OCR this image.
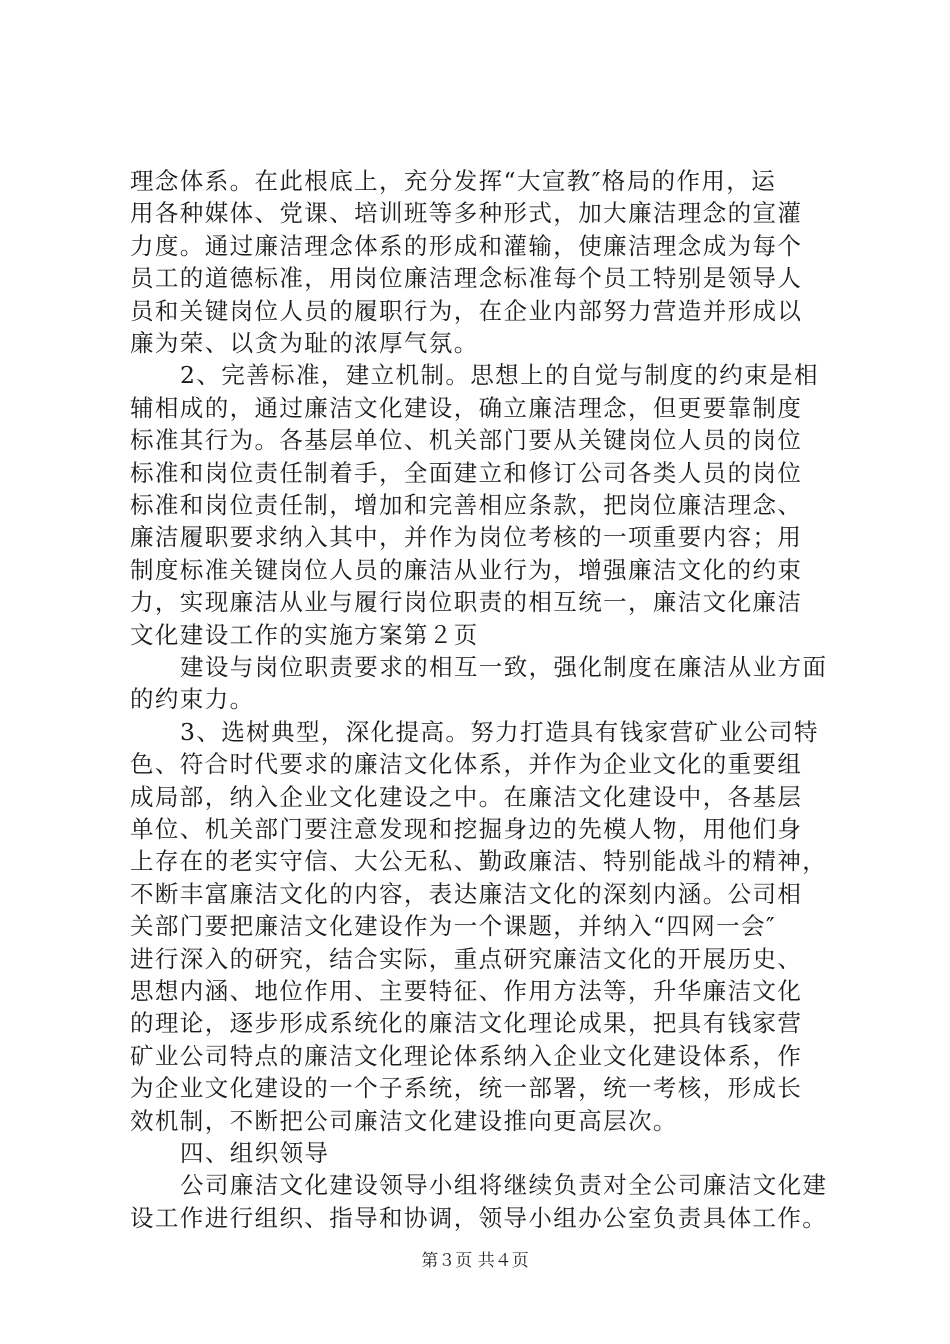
理念体系。在此根底上，充分发挥“大宣教″格局的作用，运
用各种媒体、党课、培训班等多种形式，加大廉洁理念的宣灌
力度。通过廉洁理念体系的形成和灌输，使廉洁理念成为每个
员工的道德标准，用岗位廉洁理念标准每个员工特别是领导人
员和关键岗位人员的履职行为，在企业内部努力营造并形成以
廉为荣、以贪为耻的浓厚气氛。
2、完善标准，建立机制。思想上的自觉与制度的约束是相
辅相成的，通过廉洁文化建设，确立廉洁理念，但更要靠制度
标准其行为。各基层单位、机关部门要从关键岗位人员的岗位
标准和岗位责任制着手，全面建立和修订公司各类人员的岗位
标准和岗位责任制，增加和完善相应条款，把岗位廉洁理念、
廉洁履职要求纳入其中，并作为岗位考核的一项重要内容；用
制度标准关键岗位人员的廉洁从业行为，增强廉洁文化的约束
力，实现廉洁从业与履行岗位职责的相互统一，廉洁文化廉洁
文化建设工作的实施方案第２页
建设与岗位职责要求的相互一致，强化制度在廉洁从业方面
的约束力。
3、选树典型，深化提高。努力打造具有钱家营矿业公司特
色、符合时代要求的廉洁文化体系，并作为企业文化的重要组
成局部，纳入企业文化建设之中。在廉洁文化建设中，各基层
单位、机关部门要注意发现和挖掘身边的先模人物，用他们身
上存在的老实守信、大公无私、勤政廉洁、特别能战斗的精神，
不断丰富廉洁文化的内容，表达廉洁文化的深刻内涵。公司相
关部门要把廉洁文化建设作为一个课题，并纳入“四网一会″
进行深入的研究，结合实际，重点研究廉洁文化的开展历史、
思想内涵、地位作用、主要特征、作用方法等，升华廉洁文化
的理论，逐步形成系统化的廉洁文化理论成果，把具有钱家营
矿业公司特点的廉洁文化理论体系纳入企业文化建设体系，作
为企业文化建设的一个子系统，统一部署，统一考核，形成长
效机制，不断把公司廉洁文化建设推向更高层次。
四、组织领导
公司廉洁文化建设领导小组将继续负责对全公司廉洁文化建
设工作进行组织、指导和协调，领导小组办公室负责具体工作。
第３页 共４页
